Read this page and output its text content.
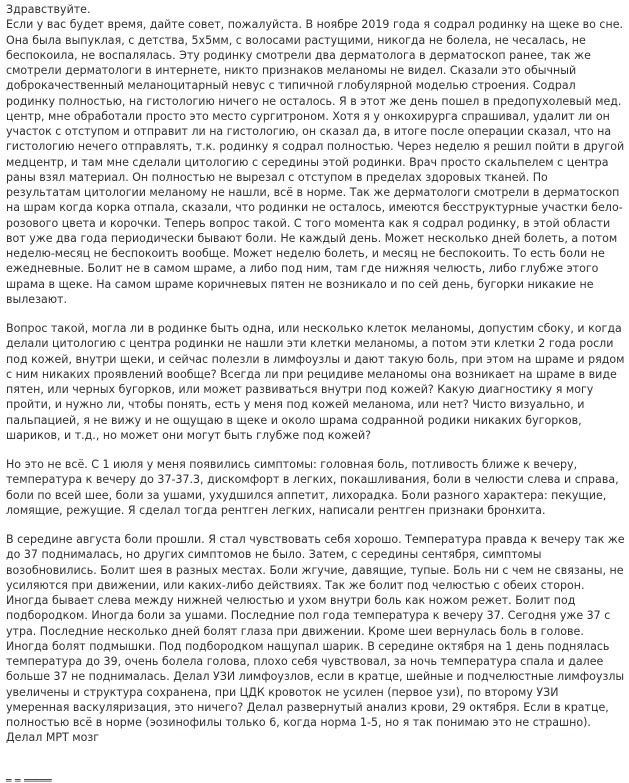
Здравствуйте.

Если у вас будет время, дайте совет, пожалуйста. В ноябре 2019 года я содрал родинку на щеке во сне. Она была выпуклая, с детства, 5х5мм, с волосами растущими, никогда не болела, не чесалась, не беспокоила, не воспалялась. Эту родинку смотрели два дерматолога в дерматоскоп ранее, так же смотрели дерматологи в интернете, никто признаков меланомы не видел. Сказали это обычный доброкачественный меланоцитарный невус с типичной глобулярной моделью строения. Содрал родинку полностью, на гистологию ничего не осталось. Я в этот же день пошел в предопухолевый мед. центр, мне обработали просто это место сургитроном. Хотя я у онкохирурга спрашивал, удалит ли он участок с отступом и отправит ли на гистологию, он сказал да, в итоге после операции сказал, что на гистологию нечего отправлять, т.к. родинку я содрал полностью. Через неделю я решил пойти в другой медцентр, и там мне сделали цитологию с середины этой родинки. Врач просто скальпелем с центра раны взял материал. Он полностью не вырезал с отступом в пределах здоровых тканей. По результатам цитологии меланому не нашли, всё в норме. Так же дерматологи смотрели в дерматоскоп на шрам когда корка отпала, сказали, что родинки не осталось, имеются бесструктурные участки бело-розового цвета и корочки. Теперь вопрос такой. С того момента как я содрал родинку, в этой области вот уже два года периодически бывают боли. Не каждый день. Может несколько дней болеть, а потом неделю-месяц не беспокоить вообще. Может неделю болеть, и месяц не беспокоить. То есть боли не ежедневные. Болит не в самом шраме, а либо под ним, там где нижняя челюсть, либо глубже этого шрама в щеке. На самом шраме коричневых пятен не возникало и по сей день, бугорки никакие не вылезают.

Вопрос такой, могла ли в родинке быть одна, или несколько клеток меланомы, допустим сбоку, и когда делали цитологию с центра родинки не нашли эти клетки меланомы, а потом эти клетки 2 года росли под кожей, внутри щеки, и сейчас полезли в лимфоузлы и дают такую боль, при этом на шраме и рядом с ним никаких проявлений вообще? Всегда ли при рецидиве меланомы она возникает на шраме в виде пятен, или черных бугорков, или может развиваться внутри под кожей? Какую диагностику я могу пройти, и нужно ли, чтобы понять, есть у меня под кожей меланома, или нет? Чисто визуально, и пальпацией, я не вижу и не ощущаю в щеке и около шрама содранной родики никаких бугорков, шариков, и т.д., но может они могут быть глубже под кожей?

Но это не всё. С 1 июля у меня появились симптомы: головная боль, потливость ближе к вечеру, температура к вечеру до 37-37.3, дискомфорт в легких, покашливания, боли в челюсти слева и справа, боли по всей шее, боли за ушами, ухудшился аппетит, лихорадка. Боли разного характера: пекущие, ломящие, режущие. Я сделал тогда рентген легких, написали рентген признаки бронхита.

В середине августа боли прошли. Я стал чувствовать себя хорошо. Температура правда к вечеру так же до 37 поднималась, но других симптомов не было. Затем, с середины сентября, симптомы возобновились. Болит шея в разных местах. Боли жгучие, давящие, тупые. Боль ни с чем не связаны, не усиляются при движении, или каких-либо действиях. Так же болит под челюстью с обеих сторон. Иногда бывает слева между нижней челюстью и ухом внутри боль как ножом режет. Болит под подбородком. Иногда боли за ушами. Последние пол года температура к вечеру 37. Сегодня уже 37 с утра. Последние несколько дней болят глаза при движении. Кроме шеи вернулась боль в голове. Иногда болят подмышки. Под подбородком нащупал шарик. В середине октября на 1 день поднялась температура до 39, очень болела голова, плохо себя чувствовал, за ночь температура спала и далее больше 37 не поднималась. Делал УЗИ лимфоузлов, если в кратце, шейные и подчелюстные лимфоузлы увеличены и структура сохранена, при ЦДК кровоток не усилен (первое узи), по второму УЗИ умеренная васкуляризация, это ничего? Делал развернутый анализ крови, 29 октября. Если в кратце, полностью всё в норме (эозинофилы только 6, когда норма 1-5, но я так понимаю это не страшно).

Делал МРТ мозг

‗ ‗ ‗‗‗‗‗
